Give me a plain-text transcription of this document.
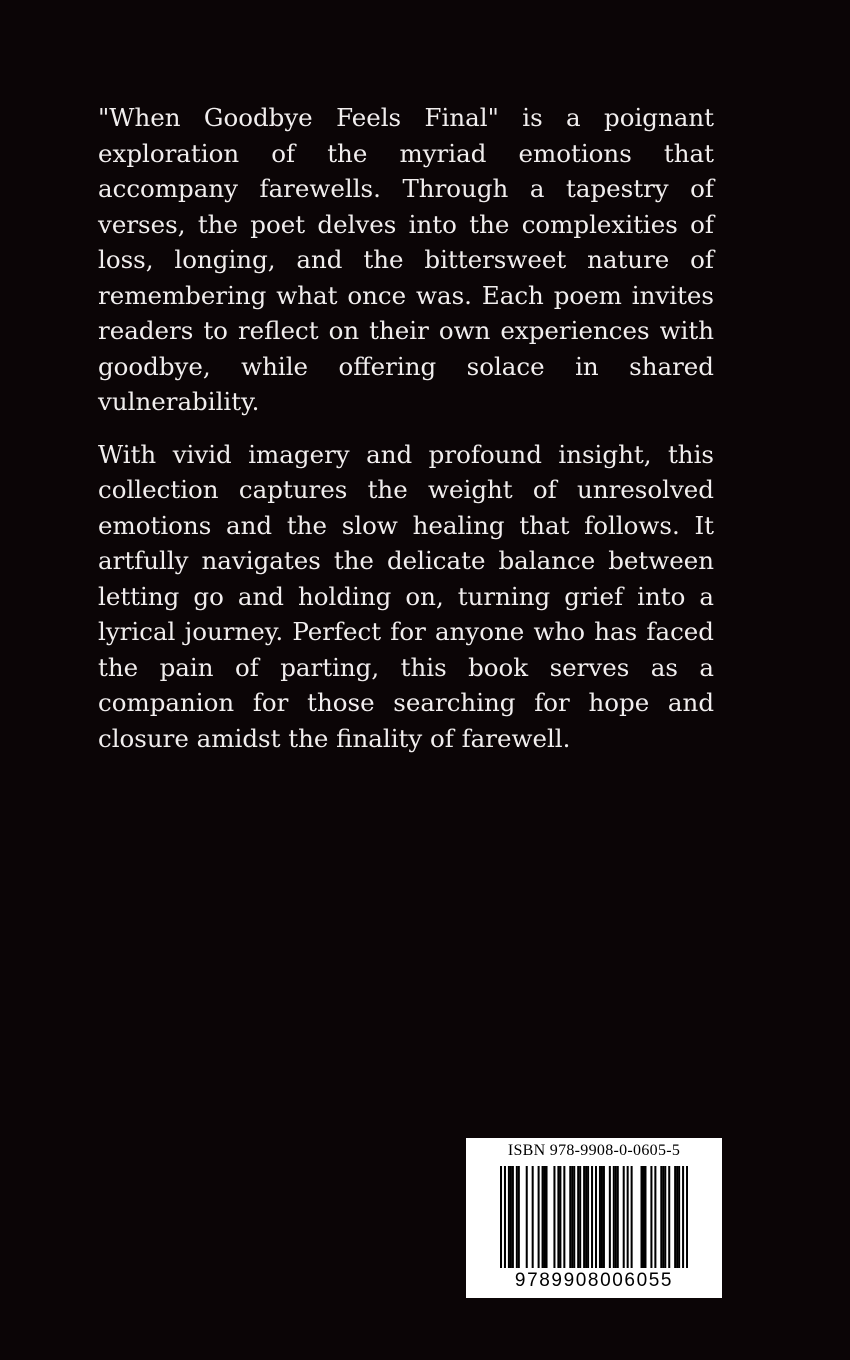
"When Goodbye Feels Final" is a poignant exploration of the myriad emotions that accompany farewells. Through a tapestry of verses, the poet delves into the complexities of loss, longing, and the bittersweet nature of remembering what once was. Each poem invites readers to reflect on their own experiences with goodbye, while offering solace in shared vulnerability.

With vivid imagery and profound insight, this collection captures the weight of unresolved emotions and the slow healing that follows. It artfully navigates the delicate balance between letting go and holding on, turning grief into a lyrical journey. Perfect for anyone who has faced the pain of parting, this book serves as a companion for those searching for hope and closure amidst the finality of farewell.

ISBN 978-9908-0-0605-5
9789908006055
